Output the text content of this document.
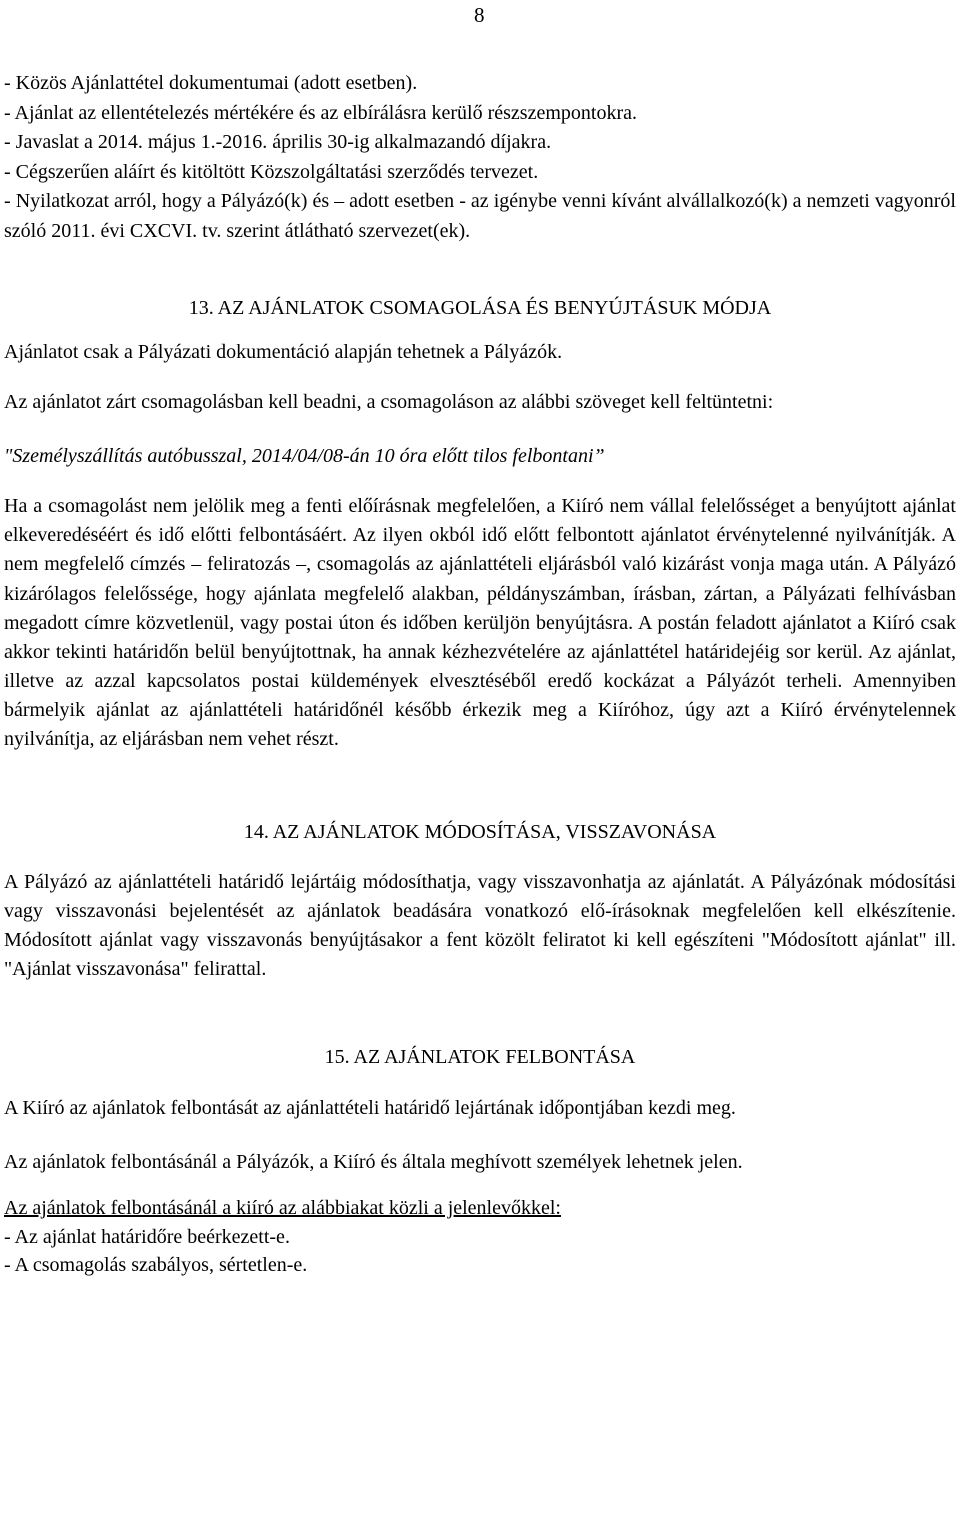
8
- Közös Ajánlattétel dokumentumai (adott esetben).
- Ajánlat az ellentételezés mértékére és az elbírálásra kerülő részszempontokra.
- Javaslat a 2014. május 1.-2016. április 30-ig alkalmazandó díjakra.
- Cégszerűen aláírt és kitöltött Közszolgáltatási szerződés tervezet.
- Nyilatkozat arról, hogy a Pályázó(k) és – adott esetben - az igénybe venni kívánt alvállalkozó(k) a nemzeti vagyonról szóló 2011. évi CXCVI. tv. szerint átlátható szervezet(ek).

13. AZ AJÁNLATOK CSOMAGOLÁSA ÉS BENYÚJTÁSUK MÓDJA

Ajánlatot csak a Pályázati dokumentáció alapján tehetnek a Pályázók.

Az ajánlatot zárt csomagolásban kell beadni, a csomagoláson az alábbi szöveget kell feltüntetni:

"Személyszállítás autóbusszal, 2014/04/08-án 10 óra előtt tilos felbontani”

Ha a csomagolást nem jelölik meg a fenti előírásnak megfelelően, a Kiíró nem vállal felelősséget a benyújtott ajánlat elkeveredéséért és idő előtti felbontásáért. Az ilyen okból idő előtt felbontott ajánlatot érvénytelenné nyilvánítják. A nem megfelelő címzés – feliratozás –, csomagolás az ajánlattételi eljárásból való kizárást vonja maga után. A Pályázó kizárólagos felelőssége, hogy ajánlata megfelelő alakban, példányszámban, írásban, zártan, a Pályázati felhívásban megadott címre közvetlenül, vagy postai úton és időben kerüljön benyújtásra. A postán feladott ajánlatot a Kiíró csak akkor tekinti határidőn belül benyújtottnak, ha annak kézhezvételére az ajánlattétel határidejéig sor kerül. Az ajánlat, illetve az azzal kapcsolatos postai küldemények elvesztéséből eredő kockázat a Pályázót terheli. Amennyiben bármelyik ajánlat az ajánlattételi határidőnél később érkezik meg a Kiíróhoz, úgy azt a Kiíró érvénytelennek nyilvánítja, az eljárásban nem vehet részt.

14. AZ AJÁNLATOK MÓDOSÍTÁSA, VISSZAVONÁSA

A Pályázó az ajánlattételi határidő lejártáig módosíthatja, vagy visszavonhatja az ajánlatát. A Pályázónak módosítási vagy visszavonási bejelentését az ajánlatok beadására vonatkozó elő-írásoknak megfelelően kell elkészítenie. Módosított ajánlat vagy visszavonás benyújtásakor a fent közölt feliratot ki kell egészíteni "Módosított ajánlat" ill. "Ajánlat visszavonása" felirattal.

15. AZ AJÁNLATOK FELBONTÁSA

A Kiíró az ajánlatok felbontását az ajánlattételi határidő lejártának időpontjában kezdi meg.

Az ajánlatok felbontásánál a Pályázók, a Kiíró és általa meghívott személyek lehetnek jelen.

Az ajánlatok felbontásánál a kiíró az alábbiakat közli a jelenlevőkkel:

- Az ajánlat határidőre beérkezett-e.
- A csomagolás szabályos, sértetlen-e.
